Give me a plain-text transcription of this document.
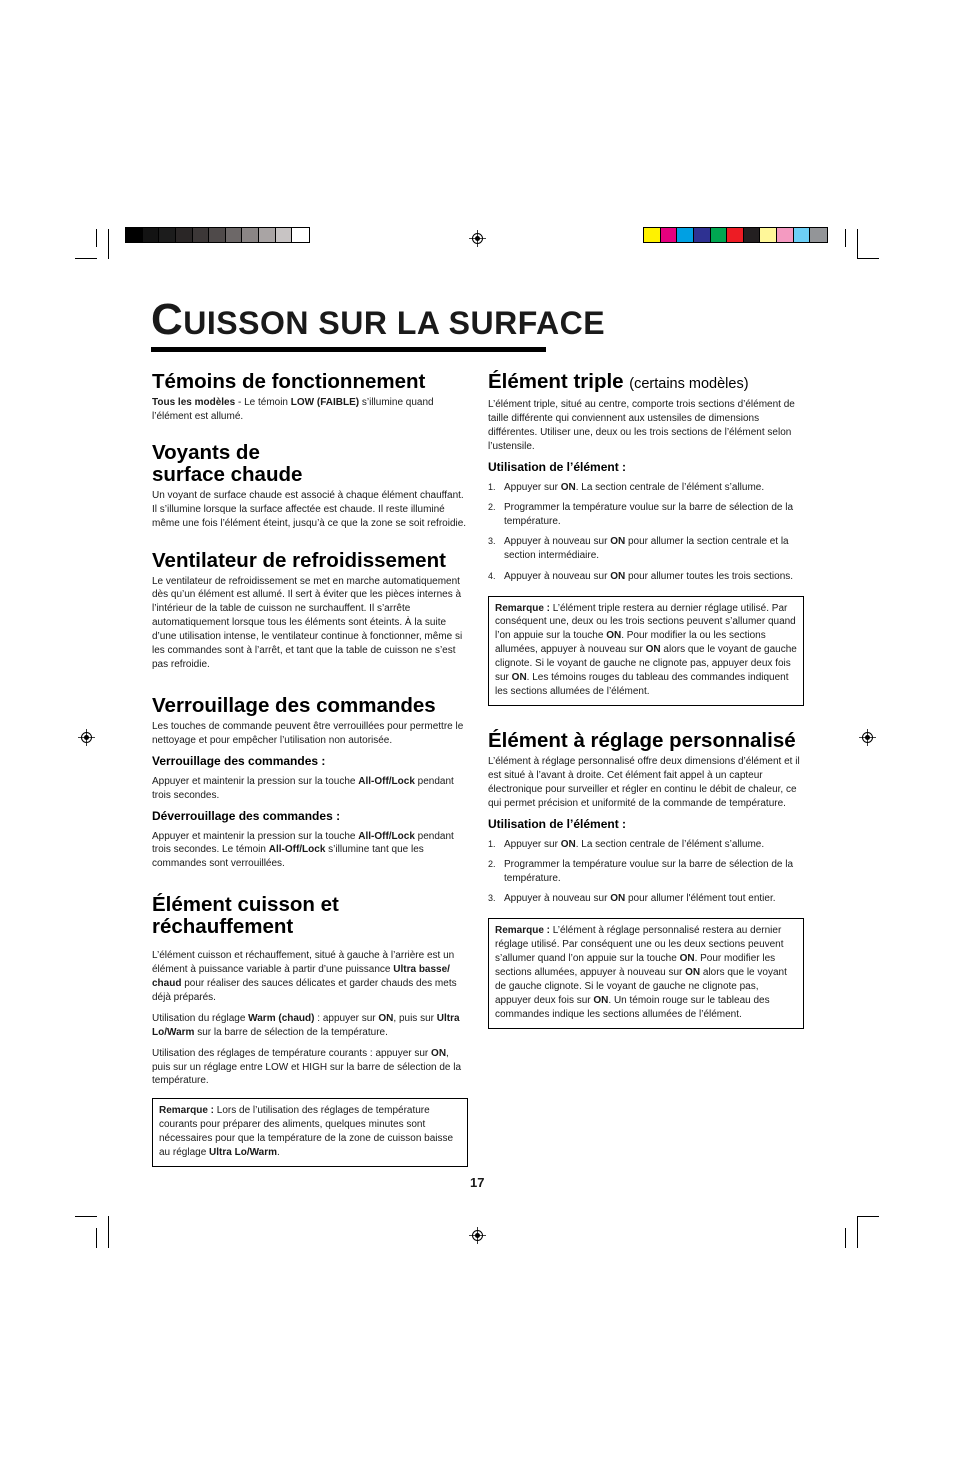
CUISSON SUR LA SURFACE
Témoins de fonctionnement

Tous les modèles - Le témoin LOW (FAIBLE) s’illumine quand l’élément est allumé.

Voyants de
surface chaude

Un voyant de surface chaude est associé à chaque élément chauffant. Il s’illumine lorsque la surface affectée est chaude. Il reste illuminé même une fois l’élément éteint, jusqu’à ce que la zone se soit refroidie.

Ventilateur de refroidissement

Le ventilateur de refroidissement se met en marche automatiquement dès qu’un élément est allumé. Il sert à éviter que les pièces internes à l’intérieur de la table de cuisson ne surchauffent. Il s’arrête automatiquement lorsque tous les éléments sont éteints. À la suite d’une utilisation intense, le ventilateur continue à fonctionner, même si les commandes sont à l’arrêt, et tant que la table de cuisson ne s’est pas refroidie.

Verrouillage des commandes

Les touches de commande peuvent être verrouillées pour permettre le nettoyage et pour empêcher l’utilisation non autorisée.

Verrouillage des commandes :

Appuyer et maintenir la pression sur la touche All-Off/Lock pendant trois secondes.

Déverrouillage des commandes :

Appuyer et maintenir la pression sur la touche All-Off/Lock pendant trois secondes. Le témoin All-Off/Lock s’illumine tant que les commandes sont verrouillées.

Élément cuisson et
réchauffement

L’élément cuisson et réchauffement, situé à gauche à l’arrière est un élément à puissance variable à partir d’une puissance Ultra basse/ chaud pour réaliser des sauces délicates et garder chauds des mets déjà préparés.

Utilisation du réglage Warm (chaud) : appuyer sur ON, puis sur Ultra Lo/Warm sur la barre de sélection de la température.

Utilisation des réglages de température courants : appuyer sur ON, puis sur un réglage entre LOW et HIGH sur la barre de sélection de la température.

Remarque : Lors de l’utilisation des réglages de température courants pour préparer des aliments, quelques minutes sont nécessaires pour que la température de la zone de cuisson baisse au réglage Ultra Lo/Warm.
Élément triple (certains modèles)

L’élément triple, situé au centre, comporte trois sections d’élément de taille différente qui conviennent aux ustensiles de dimensions différentes. Utiliser une, deux ou les trois sections de l’élément selon l’ustensile.

Utilisation de l’élément :
1. Appuyer sur ON. La section centrale de l’élément s’allume.
2. Programmer la température voulue sur la barre de sélection de la température.
3. Appuyer à nouveau sur ON pour allumer la section centrale et la section intermédiaire.
4. Appuyer à nouveau sur ON pour allumer toutes les trois sections.
Remarque : L’élément triple restera au dernier réglage utilisé. Par conséquent une, deux ou les trois sections peuvent s’allumer quand l’on appuie sur la touche ON. Pour modifier la ou les sections allumées, appuyer à nouveau sur ON alors que le voyant de gauche clignote. Si le voyant de gauche ne clignote pas, appuyer deux fois sur ON. Les témoins rouges du tableau des commandes indiquent les sections allumées de l’élément.
Élément à réglage personnalisé

L’élément à réglage personnalisé offre deux dimensions d’élément et il est situé à l’avant à droite. Cet élément fait appel à un capteur électronique pour surveiller et régler en continu le débit de chaleur, ce qui permet précision et uniformité de la commande de température.

Utilisation de l’élément :
1. Appuyer sur ON. La section centrale de l’élément s’allume.
2. Programmer la température voulue sur la barre de sélection de la température.
3. Appuyer à nouveau sur ON pour allumer l'élément tout entier.
Remarque : L’élément à réglage personnalisé restera au dernier réglage utilisé. Par conséquent une ou les deux sections peuvent s’allumer quand l’on appuie sur la touche ON. Pour modifier les sections allumées, appuyer à nouveau sur ON alors que le voyant de gauche clignote. Si le voyant de gauche ne clignote pas, appuyer deux fois sur ON. Un témoin rouge sur le tableau des commandes indique les sections allumées de l’élément.
17
